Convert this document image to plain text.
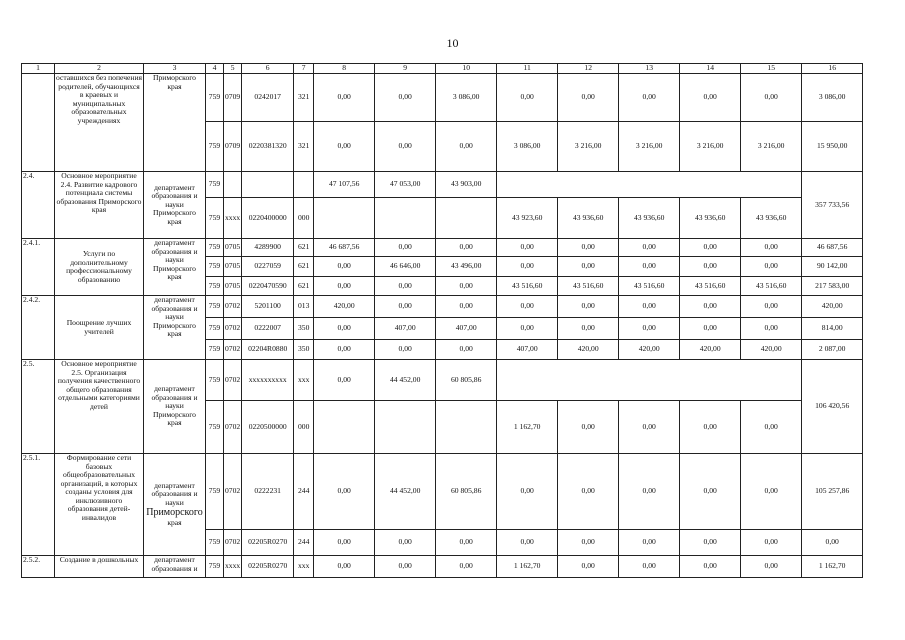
10
1	2	3	4	5	6	7	8	9	10	11	12	13	14	15	16
	оставшихся без попечения родителей, обучающихся в краевых и муниципальных образовательных учреждениях	Приморского края	759	0709	0242017	321	0,00	0,00	3 086,00	0,00	0,00	0,00	0,00	0,00	3 086,00
			759	0709	0220381320	321	0,00	0,00	0,00	3 086,00	3 216,00	3 216,00	3 216,00	3 216,00	15 950,00
2.4.	Основное мероприятие 2.4. Развитие кадрового потенциала системы образования Приморского края	департамент образования и науки Приморского края	759				47 107,56	47 053,00	43 903,00						357 733,56
			759	хххх	0220400000	000				43 923,60	43 936,60	43 936,60	43 936,60	43 936,60	
2.4.1.	Услуги по дополнительному профессиональному образованию	департамент образования и науки Приморского края	759	0705	4289900	621	46 687,56	0,00	0,00	0,00	0,00	0,00	0,00	0,00	46 687,56
			759	0705	0227059	621	0,00	46 646,00	43 496,00	0,00	0,00	0,00	0,00	0,00	90 142,00
			759	0705	0220470590	621	0,00	0,00	0,00	43 516,60	43 516,60	43 516,60	43 516,60	43 516,60	217 583,00
2.4.2.	Поощрение лучших учителей	департамент образования и науки Приморского края	759	0702	5201100	013	420,00	0,00	0,00	0,00	0,00	0,00	0,00	0,00	420,00
			759	0702	0222007	350	0,00	407,00	407,00	0,00	0,00	0,00	0,00	0,00	814,00
			759	0702	02204R0880	350	0,00	0,00	0,00	407,00	420,00	420,00	420,00	420,00	2 087,00
2.5.	Основное мероприятие 2.5. Организация получения качественного общего образования отдельными категориями детей	департамент образования и науки Приморского края	759	0702	хххххххххх	ххх	0,00	44 452,00	60 805,86						106 420,56
			759	0702	0220500000	000				1 162,70	0,00	0,00	0,00	0,00	
2.5.1.	Формирование сети базовых общеобразовательных организаций, в которых созданы условия для инклюзивного образования детей-инвалидов	департамент образования и науки
Приморского
края	759	0702	0222231	244	0,00	44 452,00	60 805,86	0,00	0,00	0,00	0,00	0,00	105 257,86
			759	0702	02205R0270	244	0,00	0,00	0,00	0,00	0,00	0,00	0,00	0,00	0,00
2.5.2.	Создание в дошкольных	департамент образования и	759	хххх	02205R0270	ххх	0,00	0,00	0,00	1 162,70	0,00	0,00	0,00	0,00	1 162,70
